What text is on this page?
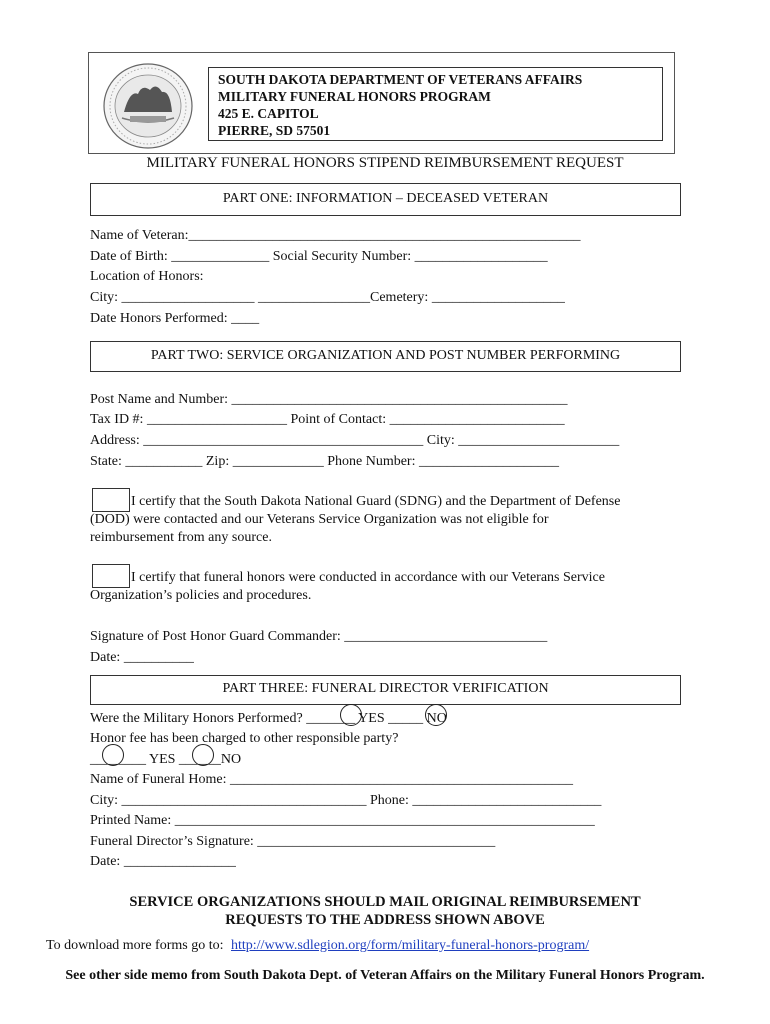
SOUTH DAKOTA DEPARTMENT OF VETERANS AFFAIRS
MILITARY FUNERAL HONORS PROGRAM
425 E. CAPITOL
PIERRE, SD 57501
MILITARY FUNERAL HONORS STIPEND REIMBURSEMENT REQUEST
PART ONE: INFORMATION – DECEASED VETERAN
Name of Veteran:________________________________________________________
Date of Birth: ______________ Social Security Number: ___________________
Location of Honors:
City: ___________________ ________________Cemetery: ___________________
Date Honors Performed: ____
PART TWO: SERVICE ORGANIZATION AND POST NUMBER PERFORMING
Post Name and Number: ________________________________________________
Tax ID #: ____________________ Point of Contact: _________________________
Address: ________________________________________ City: _______________________
State: ___________ Zip: _____________ Phone Number: ____________________
I certify that the South Dakota National Guard (SDNG) and the Department of Defense
(DOD) were contacted and our Veterans Service Organization was not eligible for
reimbursement from any source.
I certify that funeral honors were conducted in accordance with our Veterans Service
Organization’s policies and procedures.
Signature of Post Honor Guard Commander: _____________________________
Date: __________
PART THREE: FUNERAL DIRECTOR VERIFICATION
Were the Military Honors Performed? _______ YES _____ NO
Honor fee has been charged to other responsible party?
________ YES ______NO
Name of Funeral Home: _________________________________________________
City: ___________________________________ Phone: ___________________________
Printed Name: ____________________________________________________________
Funeral Director’s Signature: __________________________________
Date: ________________
SERVICE ORGANIZATIONS SHOULD MAIL ORIGINAL REIMBURSEMENT
REQUESTS TO THE ADDRESS SHOWN ABOVE
To download more forms go to: http://www.sdlegion.org/form/military-funeral-honors-program/
See other side memo from South Dakota Dept. of Veteran Affairs on the Military Funeral Honors Program.
